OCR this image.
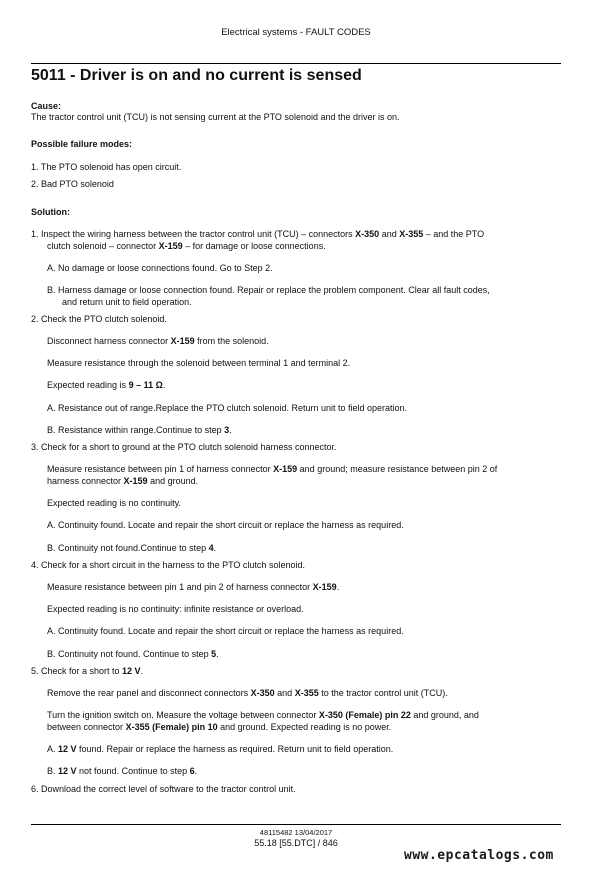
Electrical systems - FAULT CODES
5011 - Driver is on and no current is sensed
Cause:
The tractor control unit (TCU) is not sensing current at the PTO solenoid and the driver is on.
Possible failure modes:
1. The PTO solenoid has open circuit.
2. Bad PTO solenoid
Solution:
1. Inspect the wiring harness between the tractor control unit (TCU) – connectors X-350 and X-355 – and the PTO
clutch solenoid – connector X-159 – for damage or loose connections.
A. No damage or loose connections found. Go to Step 2.
B. Harness damage or loose connection found. Repair or replace the problem component. Clear all fault codes,
and return unit to field operation.
2. Check the PTO clutch solenoid.
Disconnect harness connector X-159 from the solenoid.
Measure resistance through the solenoid between terminal 1 and terminal 2.
Expected reading is 9 – 11 Ω.
A. Resistance out of range.Replace the PTO clutch solenoid. Return unit to field operation.
B. Resistance within range.Continue to step 3.
3. Check for a short to ground at the PTO clutch solenoid harness connector.
Measure resistance between pin 1 of harness connector X-159 and ground; measure resistance between pin 2 of
harness connector X-159 and ground.
Expected reading is no continuity.
A. Continuity found. Locate and repair the short circuit or replace the harness as required.
B. Continuity not found.Continue to step 4.
4. Check for a short circuit in the harness to the PTO clutch solenoid.
Measure resistance between pin 1 and pin 2 of harness connector X-159.
Expected reading is no continuity: infinite resistance or overload.
A. Continuity found. Locate and repair the short circuit or replace the harness as required.
B. Continuity not found. Continue to step 5.
5. Check for a short to 12 V.
Remove the rear panel and disconnect connectors X-350 and X-355 to the tractor control unit (TCU).
Turn the ignition switch on. Measure the voltage between connector X-350 (Female) pin 22 and ground, and
between connector X-355 (Female) pin 10 and ground. Expected reading is no power.
A. 12 V found. Repair or replace the harness as required. Return unit to field operation.
B. 12 V not found. Continue to step 6.
6. Download the correct level of software to the tractor control unit.
48115482 13/04/2017
55.18 [55.DTC] / 846
www.epcatalogs.com
